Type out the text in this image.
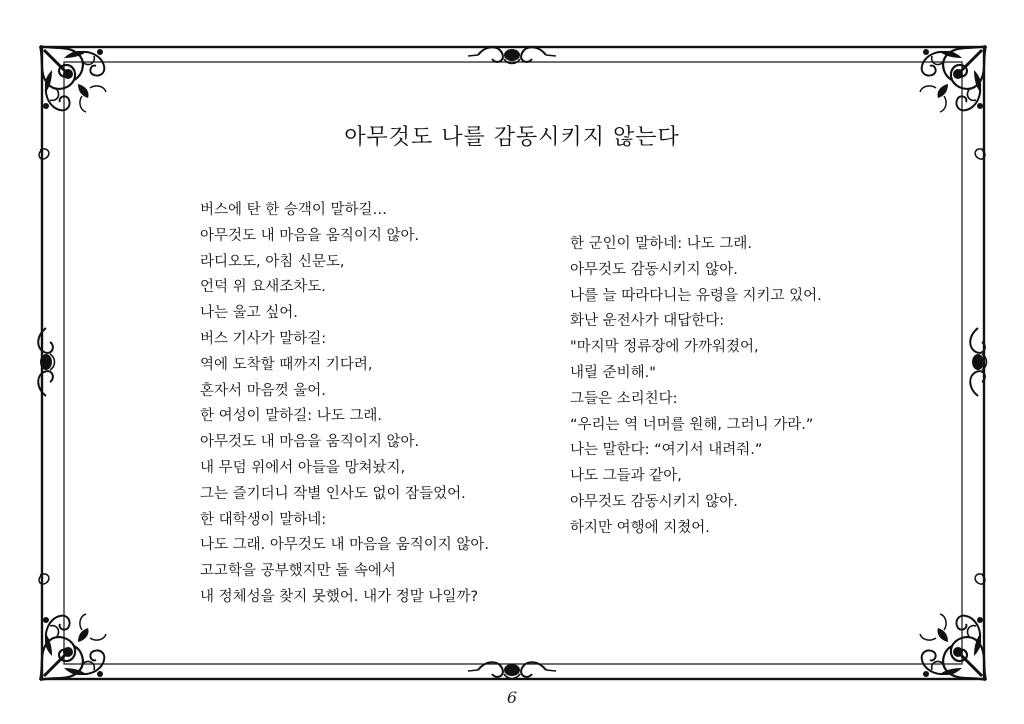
아무것도 나를 감동시키지 않는다
버스에 탄 한 승객이 말하길…
아무것도 내 마음을 움직이지 않아.
라디오도, 아침 신문도,
언덕 위 요새조차도.
나는 울고 싶어.
버스 기사가 말하길:
역에 도착할 때까지 기다려,
혼자서 마음껏 울어.
한 여성이 말하길: 나도 그래.
아무것도 내 마음을 움직이지 않아.
내 무덤 위에서 아들을 망쳐놨지,
그는 즐기더니 작별 인사도 없이 잠들었어.
한 대학생이 말하네:
나도 그래. 아무것도 내 마음을 움직이지 않아.
고고학을 공부했지만 돌 속에서
내 정체성을 찾지 못했어. 내가 정말 나일까?
한 군인이 말하네: 나도 그래.
아무것도 감동시키지 않아.
나를 늘 따라다니는 유령을 지키고 있어.
화난 운전사가 대답한다:
"마지막 정류장에 가까워졌어,
내릴 준비해."
그들은 소리친다:
“우리는 역 너머를 원해, 그러니 가라.”
나는 말한다: “여기서 내려줘.”
나도 그들과 같아,
아무것도 감동시키지 않아.
하지만 여행에 지쳤어.
6
